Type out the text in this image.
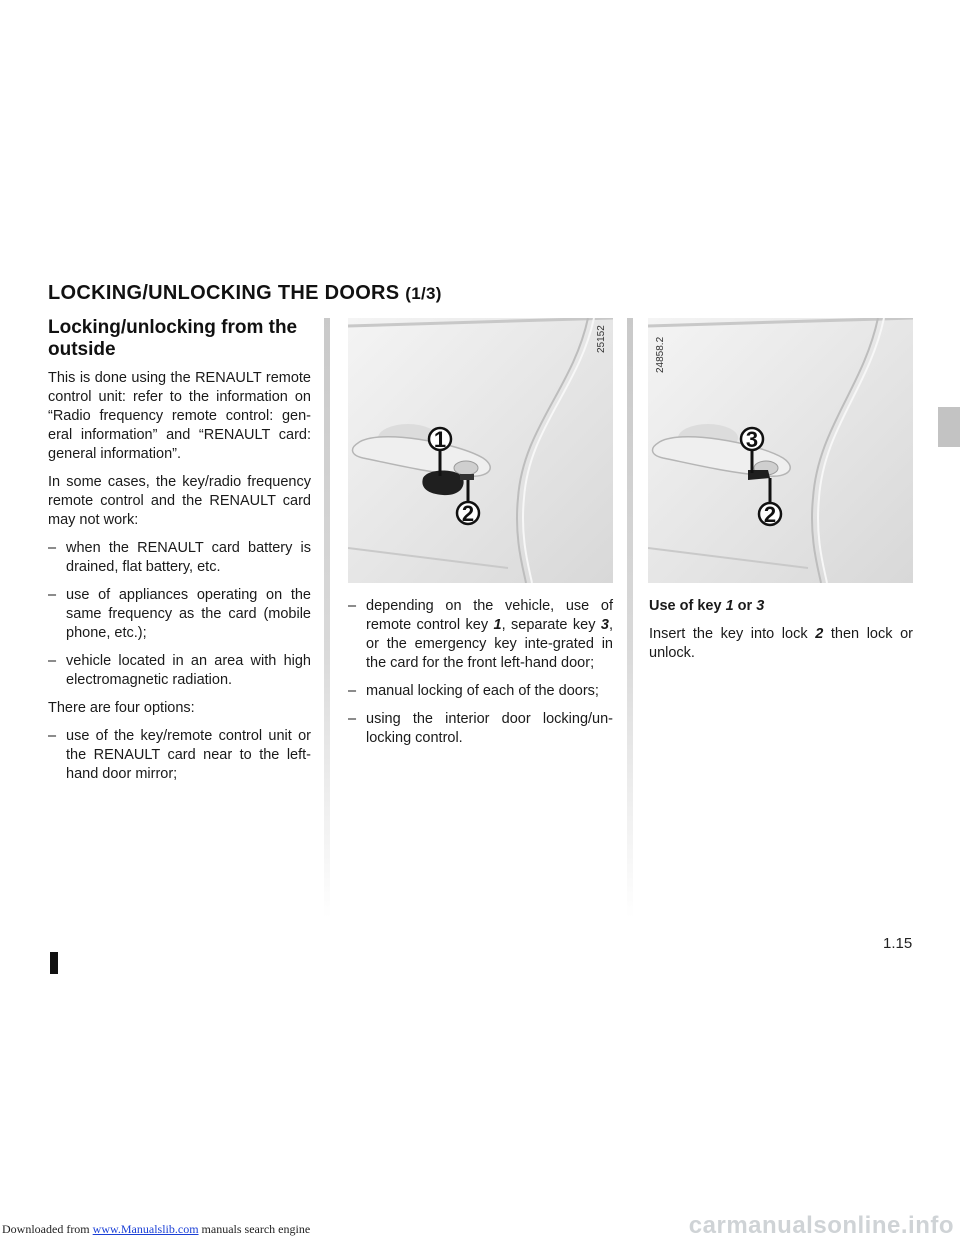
LOCKING/UNLOCKING THE DOORS (1/3)
Locking/unlocking from the outside

This is done using the RENAULT remote control unit: refer to the information on “Radio frequency remote control: gen-eral information” and “RENAULT card: general information”.

In some cases, the key/radio frequency remote control and the RENAULT card may not work:

– when the RENAULT card battery is drained, flat battery, etc.
– use of appliances operating on the same frequency as the card (mobile phone, etc.);
– vehicle located in an area with high electromagnetic radiation.

There are four options:

– use of the key/remote control unit or the RENAULT card near to the left-hand door mirror;
1
2
25152
3
2
24858.2
– depending on the vehicle, use of remote control key 1, separate key 3, or the emergency key inte-grated in the card for the front left-hand door;
– manual locking of each of the doors;
– using the interior door locking/un-locking control.

Use of key 1 or 3

Insert the key into lock 2 then lock or unlock.

1.15
Downloaded from www.Manualslib.com manuals search engine	carmanualsonline.info
